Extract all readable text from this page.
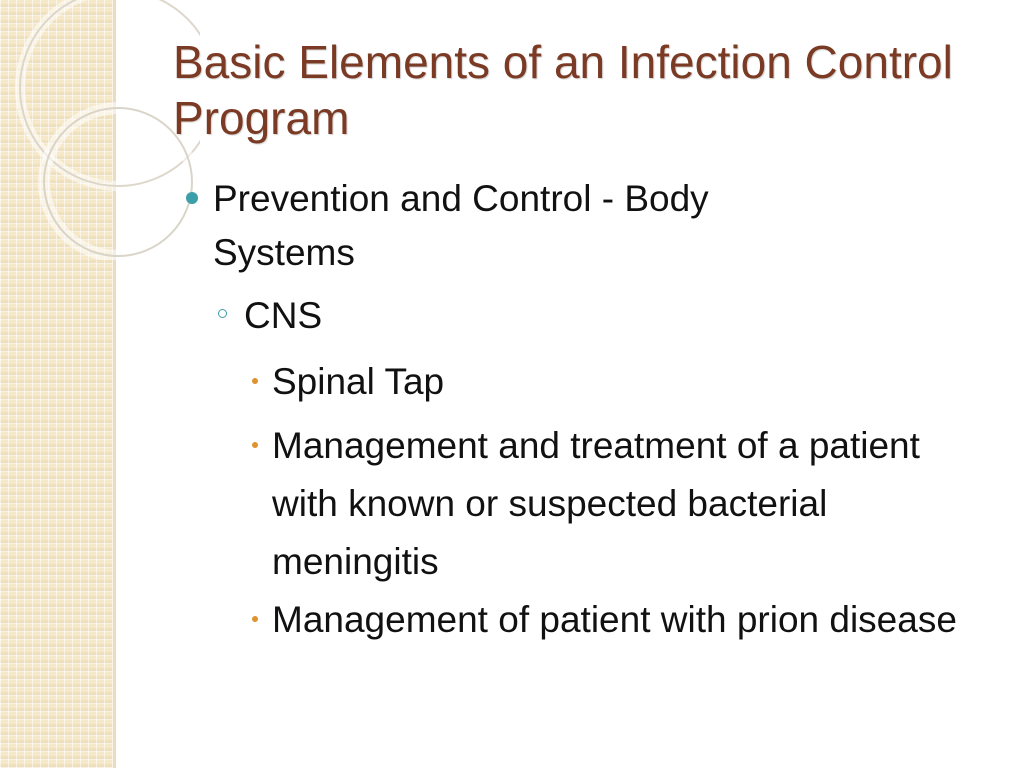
Basic Elements of an Infection Control Program
Prevention and Control - Body Systems
CNS
Spinal Tap
Management and treatment of a patient with known or suspected bacterial meningitis
Management of patient with prion disease
